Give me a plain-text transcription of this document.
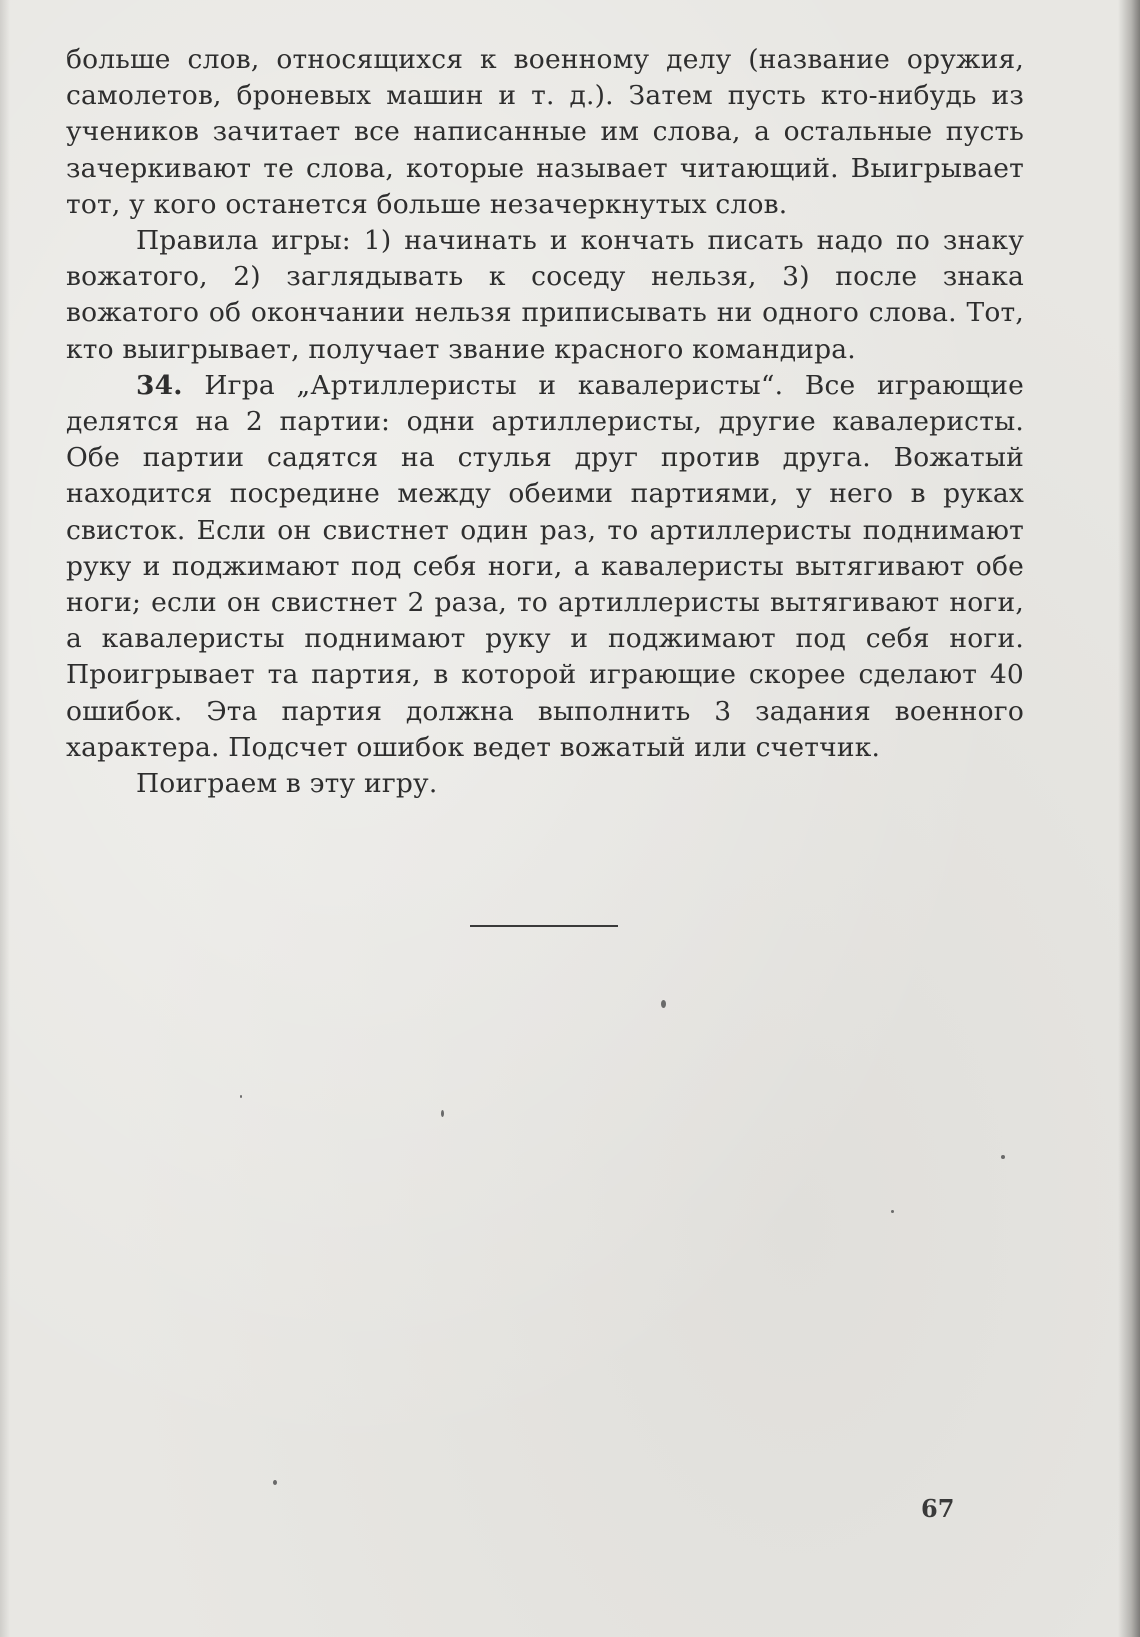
больше слов, относящихся к военному делу (название оружия, самолетов, броневых машин и т. д.). Затем пусть кто-нибудь из учеников зачитает все написанные им слова, а остальные пусть зачеркивают те слова, которые называет читающий. Выигрывает тот, у кого останется больше незачеркнутых слов.

Правила игры: 1) начинать и кончать писать надо по знаку вожатого, 2) заглядывать к соседу нельзя, 3) после знака вожатого об окончании нельзя приписывать ни одного слова. Тот, кто выигрывает, получает звание красного командира.

34. Игра „Артиллеристы и кавалеристы“. Все играющие делятся на 2 партии: одни артиллеристы, другие кавалеристы. Обе партии садятся на стулья друг против друга. Вожатый находится посредине между обеими партиями, у него в руках свисток. Если он свистнет один раз, то артиллеристы поднимают руку и поджимают под себя ноги, а кавалеристы вытягивают обе ноги; если он свистнет 2 раза, то артиллеристы вытягивают ноги, а кавалеристы поднимают руку и поджимают под себя ноги. Проигрывает та партия, в которой играющие скорее сделают 40 ошибок. Эта партия должна выполнить 3 задания военного характера. Подсчет ошибок ведет вожатый или счетчик.

Поиграем в эту игру.

67
